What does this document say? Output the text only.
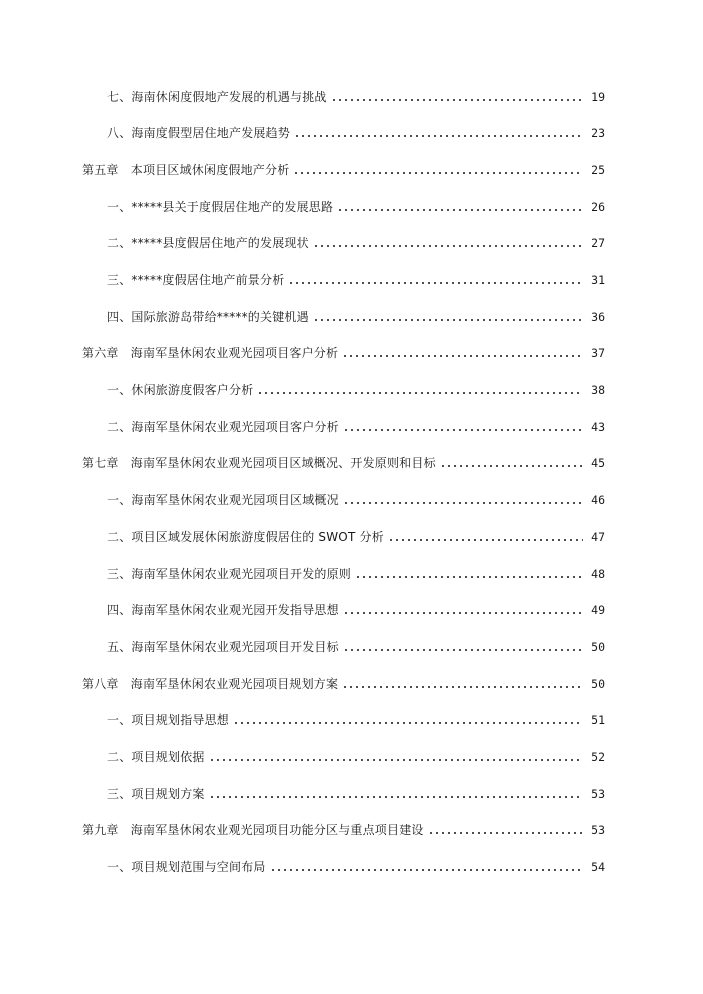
七、海南休闲度假地产发展的机遇与挑战	19
八、海南度假型居住地产发展趋势	23
第五章　本项目区域休闲度假地产分析	25
一、*****县关于度假居住地产的发展思路	26
二、*****县度假居住地产的发展现状	27
三、*****度假居住地产前景分析	31
四、国际旅游岛带给*****的关键机遇	36
第六章　海南军垦休闲农业观光园项目客户分析	37
一、休闲旅游度假客户分析	38
二、海南军垦休闲农业观光园项目客户分析	43
第七章　海南军垦休闲农业观光园项目区域概况、开发原则和目标	45
一、海南军垦休闲农业观光园项目区域概况	46
二、项目区域发展休闲旅游度假居住的 SWOT 分析	47
三、海南军垦休闲农业观光园项目开发的原则	48
四、海南军垦休闲农业观光园开发指导思想	49
五、海南军垦休闲农业观光园项目开发目标	50
第八章　海南军垦休闲农业观光园项目规划方案	50
一、项目规划指导思想	51
二、项目规划依据	52
三、项目规划方案	53
第九章　海南军垦休闲农业观光园项目功能分区与重点项目建设	53
一、项目规划范围与空间布局	54
